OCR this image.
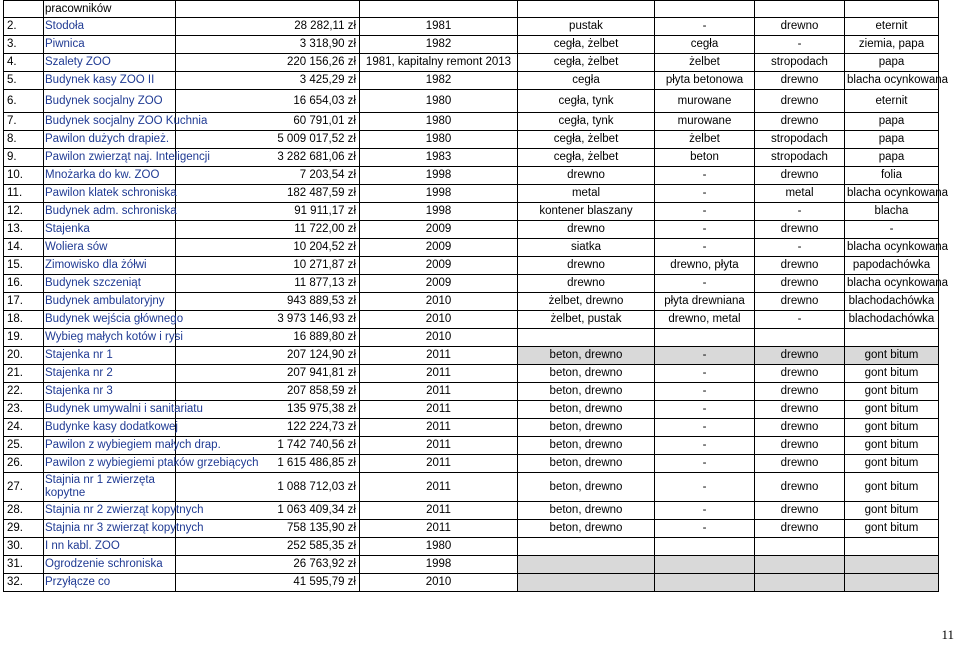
	pracowników						
2.	Stodoła	28 282,11 zł	1981	pustak	-	drewno	eternit
3.	Piwnica	3 318,90 zł	1982	cegła, żelbet	cegła	-	ziemia, papa
4.	Szalety ZOO	220 156,26 zł	1981, kapitalny remont 2013	cegła, żelbet	żelbet	stropodach	papa
5.	Budynek kasy ZOO II	3 425,29 zł	1982	cegła	płyta betonowa	drewno	blacha ocynkowana
6.	Budynek socjalny ZOO	16 654,03 zł	1980	cegła, tynk	murowane	drewno	eternit
7.	Budynek socjalny ZOO Kuchnia	60 791,01 zł	1980	cegła, tynk	murowane	drewno	papa
8.	Pawilon dużych drapież.	5 009 017,52 zł	1980	cegła, żelbet	żelbet	stropodach	papa
9.	Pawilon zwierząt naj. Inteligencji	3 282 681,06 zł	1983	cegła, żelbet	beton	stropodach	papa
10.	Mnożarka do kw. ZOO	7 203,54 zł	1998	drewno	-	drewno	folia
11.	Pawilon klatek schroniska	182 487,59 zł	1998	metal	-	metal	blacha ocynkowana
12.	Budynek adm. schroniska	91 911,17 zł	1998	kontener blaszany	-	-	blacha
13.	Stajenka	11 722,00 zł	2009	drewno	-	drewno	-
14.	Woliera sów	10 204,52 zł	2009	siatka	-	-	blacha ocynkowana
15.	Zimowisko dla żółwi	10 271,87 zł	2009	drewno	drewno, płyta	drewno	papodachówka
16.	Budynek szczeniąt	11 877,13 zł	2009	drewno	-	drewno	blacha ocynkowana
17.	Budynek ambulatoryjny	943 889,53 zł	2010	żelbet, drewno	płyta drewniana	drewno	blachodachówka
18.	Budynek wejścia głównego	3 973 146,93 zł	2010	żelbet, pustak	drewno, metal	-	blachodachówka
19.	Wybieg małych kotów i rysi	16 889,80 zł	2010				
20.	Stajenka nr 1	207 124,90 zł	2011	beton, drewno	-	drewno	gont bitum
21.	Stajenka nr 2	207 941,81 zł	2011	beton, drewno	-	drewno	gont bitum
22.	Stajenka nr 3	207 858,59 zł	2011	beton, drewno	-	drewno	gont bitum
23.	Budynek umywalni i sanitariatu	135 975,38 zł	2011	beton, drewno	-	drewno	gont bitum
24.	Budynke kasy dodatkowej	122 224,73 zł	2011	beton, drewno	-	drewno	gont bitum
25.	Pawilon z wybiegiem małych drap.	1 742 740,56 zł	2011	beton, drewno	-	drewno	gont bitum
26.	Pawilon z wybiegiemi ptaków grzebiących	1 615 486,85 zł	2011	beton, drewno	-	drewno	gont bitum
27.	Stajnia nr 1 zwierzęta kopytne	1 088 712,03 zł	2011	beton, drewno	-	drewno	gont bitum
28.	Stajnia nr 2 zwierząt kopytnych	1 063 409,34 zł	2011	beton, drewno	-	drewno	gont bitum
29.	Stajnia nr 3 zwierząt kopytnych	758 135,90 zł	2011	beton, drewno	-	drewno	gont bitum
30.	I nn kabl. ZOO	252 585,35 zł	1980				
31.	Ogrodzenie schroniska	26 763,92 zł	1998				
32.	Przyłącze co	41 595,79 zł	2010				
11
